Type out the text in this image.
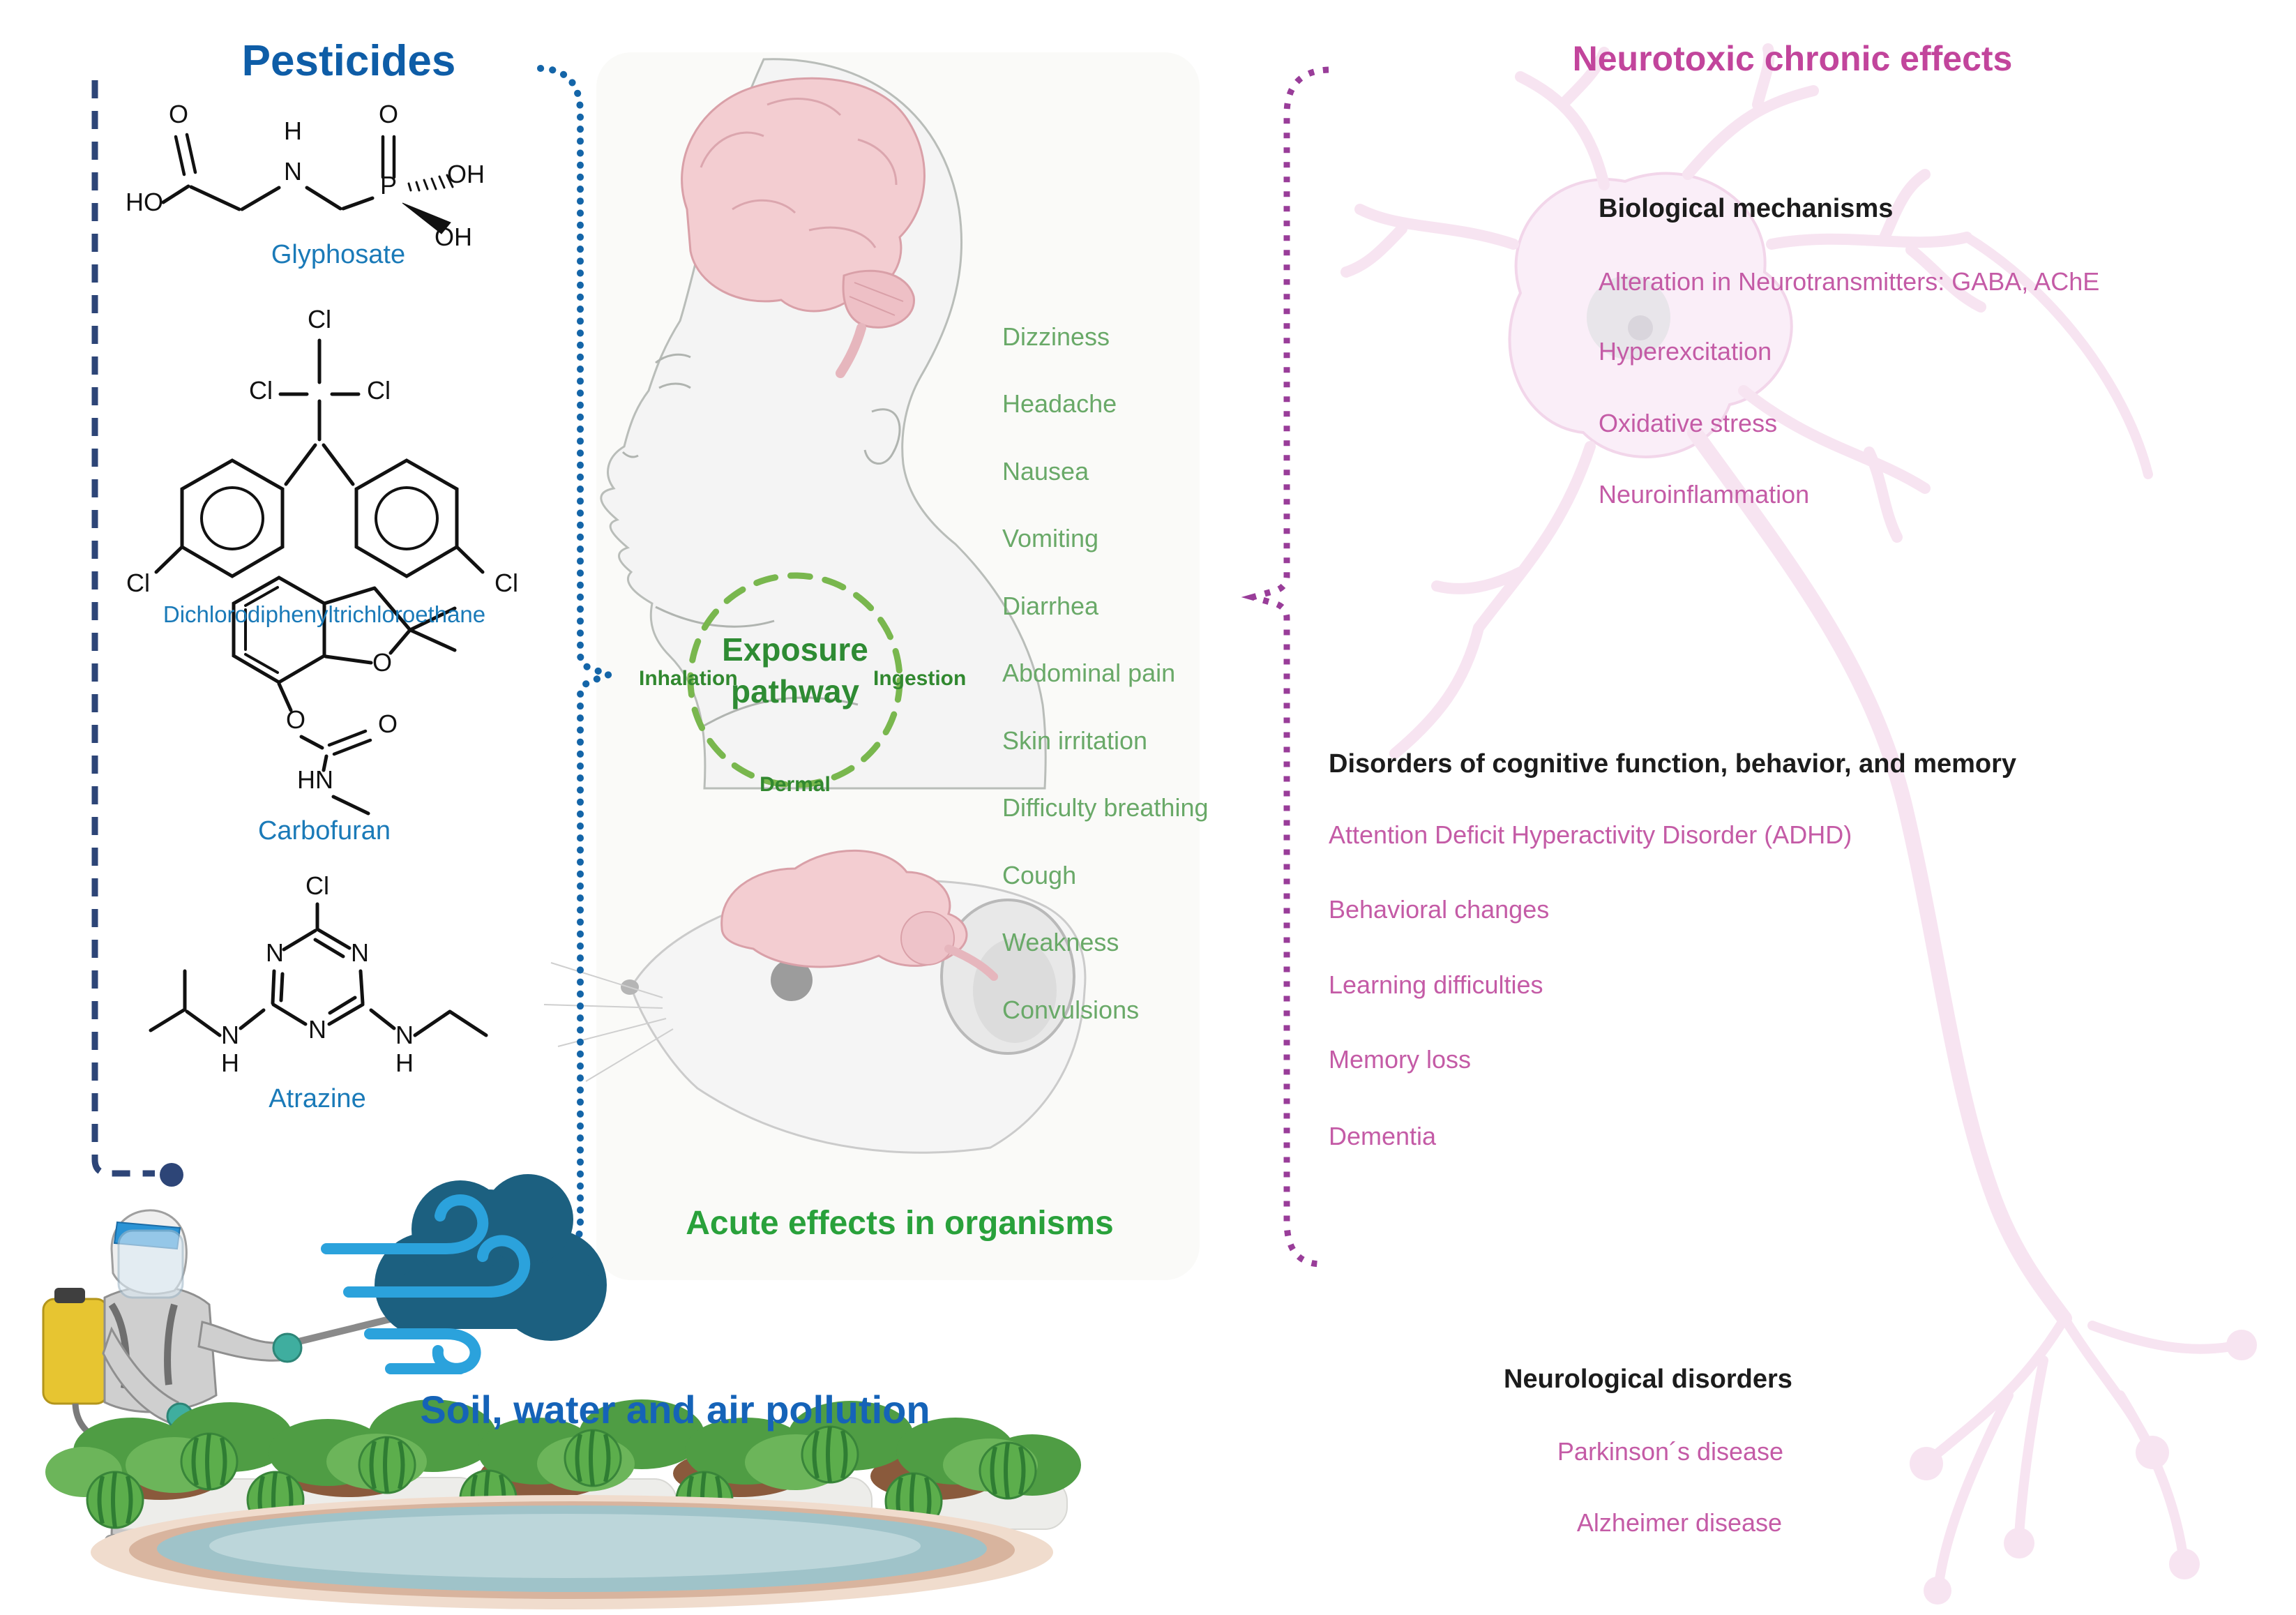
HO
O
H
N
O
P OH
OH
Cl
Cl	Cl
Cl	Cl
O
O	O
HN
Cl
N	N
N
N
H
N
H
Pesticides
Glyphosate
Dichlorodiphenyltrichloroethane
Carbofuran
Atrazine
Soil, water and air pollution
Exposure
pathway
Inhalation	Ingestion
Dermal
Dizziness
Headache
Nausea
Vomiting
Diarrhea
Abdominal pain
Skin irritation
Difficulty breathing
Cough
Weakness
Convulsions
Acute effects in organisms
Neurotoxic chronic effects
Biological mechanisms
Alteration in Neurotransmitters: GABA, AChE
Hyperexcitation
Oxidative stress
Neuroinflammation
Disorders of cognitive function, behavior, and memory
Attention Deficit Hyperactivity Disorder (ADHD)
Behavioral changes
Learning difficulties
Memory loss
Dementia
Neurological disorders
Parkinson´s disease
Alzheimer disease
